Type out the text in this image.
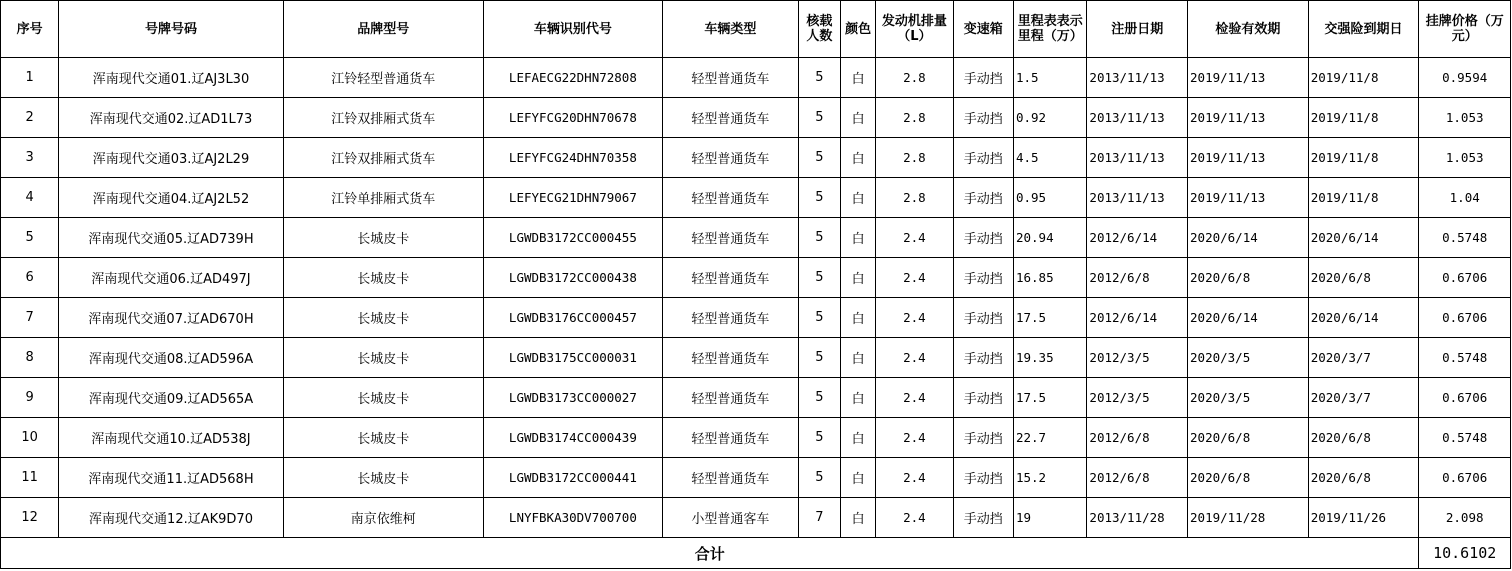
序号	号牌号码	品牌型号	车辆识别代号	车辆类型	核载人数	颜色	发动机排量（L）	变速箱	里程表表示里程（万）	注册日期	检验有效期	交强险到期日	挂牌价格（万元）
1	浑南现代交通01.辽AJ3L30	江铃轻型普通货车	LEFAECG22DHN72808	轻型普通货车	5	白	2.8	手动挡	1.5	2013/11/13	2019/11/13	2019/11/8	0.9594
2	浑南现代交通02.辽AD1L73	江铃双排厢式货车	LEFYFCG20DHN70678	轻型普通货车	5	白	2.8	手动挡	0.92	2013/11/13	2019/11/13	2019/11/8	1.053
3	浑南现代交通03.辽AJ2L29	江铃双排厢式货车	LEFYFCG24DHN70358	轻型普通货车	5	白	2.8	手动挡	4.5	2013/11/13	2019/11/13	2019/11/8	1.053
4	浑南现代交通04.辽AJ2L52	江铃单排厢式货车	LEFYECG21DHN79067	轻型普通货车	5	白	2.8	手动挡	0.95	2013/11/13	2019/11/13	2019/11/8	1.04
5	浑南现代交通05.辽AD739H	长城皮卡	LGWDB3172CC000455	轻型普通货车	5	白	2.4	手动挡	20.94	2012/6/14	2020/6/14	2020/6/14	0.5748
6	浑南现代交通06.辽AD497J	长城皮卡	LGWDB3172CC000438	轻型普通货车	5	白	2.4	手动挡	16.85	2012/6/8	2020/6/8	2020/6/8	0.6706
7	浑南现代交通07.辽AD670H	长城皮卡	LGWDB3176CC000457	轻型普通货车	5	白	2.4	手动挡	17.5	2012/6/14	2020/6/14	2020/6/14	0.6706
8	浑南现代交通08.辽AD596A	长城皮卡	LGWDB3175CC000031	轻型普通货车	5	白	2.4	手动挡	19.35	2012/3/5	2020/3/5	2020/3/7	0.5748
9	浑南现代交通09.辽AD565A	长城皮卡	LGWDB3173CC000027	轻型普通货车	5	白	2.4	手动挡	17.5	2012/3/5	2020/3/5	2020/3/7	0.6706
10	浑南现代交通10.辽AD538J	长城皮卡	LGWDB3174CC000439	轻型普通货车	5	白	2.4	手动挡	22.7	2012/6/8	2020/6/8	2020/6/8	0.5748
11	浑南现代交通11.辽AD568H	长城皮卡	LGWDB3172CC000441	轻型普通货车	5	白	2.4	手动挡	15.2	2012/6/8	2020/6/8	2020/6/8	0.6706
12	浑南现代交通12.辽AK9D70	南京依维柯	LNYFBKA30DV700700	小型普通客车	7	白	2.4	手动挡	19	2013/11/28	2019/11/28	2019/11/26	2.098
合计													10.6102
